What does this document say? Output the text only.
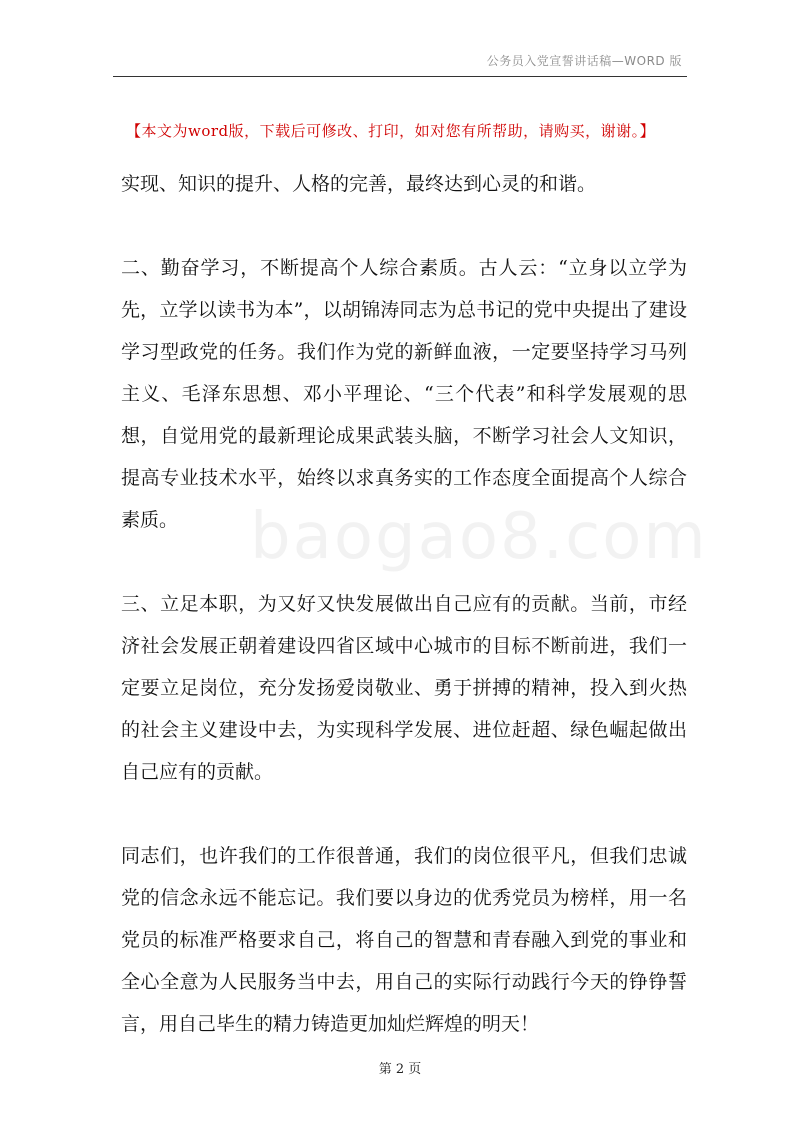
公务员入党宣誓讲话稿—WORD 版
【本文为word版，下载后可修改、打印，如对您有所帮助，请购买，谢谢。】
baogao8.com

实现、知识的提升、人格的完善，最终达到心灵的和谐。

二、勤奋学习，不断提高个人综合素质。古人云：“立身以立学为先，立学以读书为本”，以胡锦涛同志为总书记的党中央提出了建设学习型政党的任务。我们作为党的新鲜血液，一定要坚持学习马列主义、毛泽东思想、邓小平理论、“三个代表”和科学发展观的思想，自觉用党的最新理论成果武装头脑，不断学习社会人文知识，提高专业技术水平，始终以求真务实的工作态度全面提高个人综合素质。

三、立足本职，为又好又快发展做出自己应有的贡献。当前，市经济社会发展正朝着建设四省区域中心城市的目标不断前进，我们一定要立足岗位，充分发扬爱岗敬业、勇于拼搏的精神，投入到火热的社会主义建设中去，为实现科学发展、进位赶超、绿色崛起做出自己应有的贡献。

同志们，也许我们的工作很普通，我们的岗位很平凡，但我们忠诚党的信念永远不能忘记。我们要以身边的优秀党员为榜样，用一名党员的标准严格要求自己，将自己的智慧和青春融入到党的事业和全心全意为人民服务当中去，用自己的实际行动践行今天的铮铮誓言，用自己毕生的精力铸造更加灿烂辉煌的明天！

第 2 页
